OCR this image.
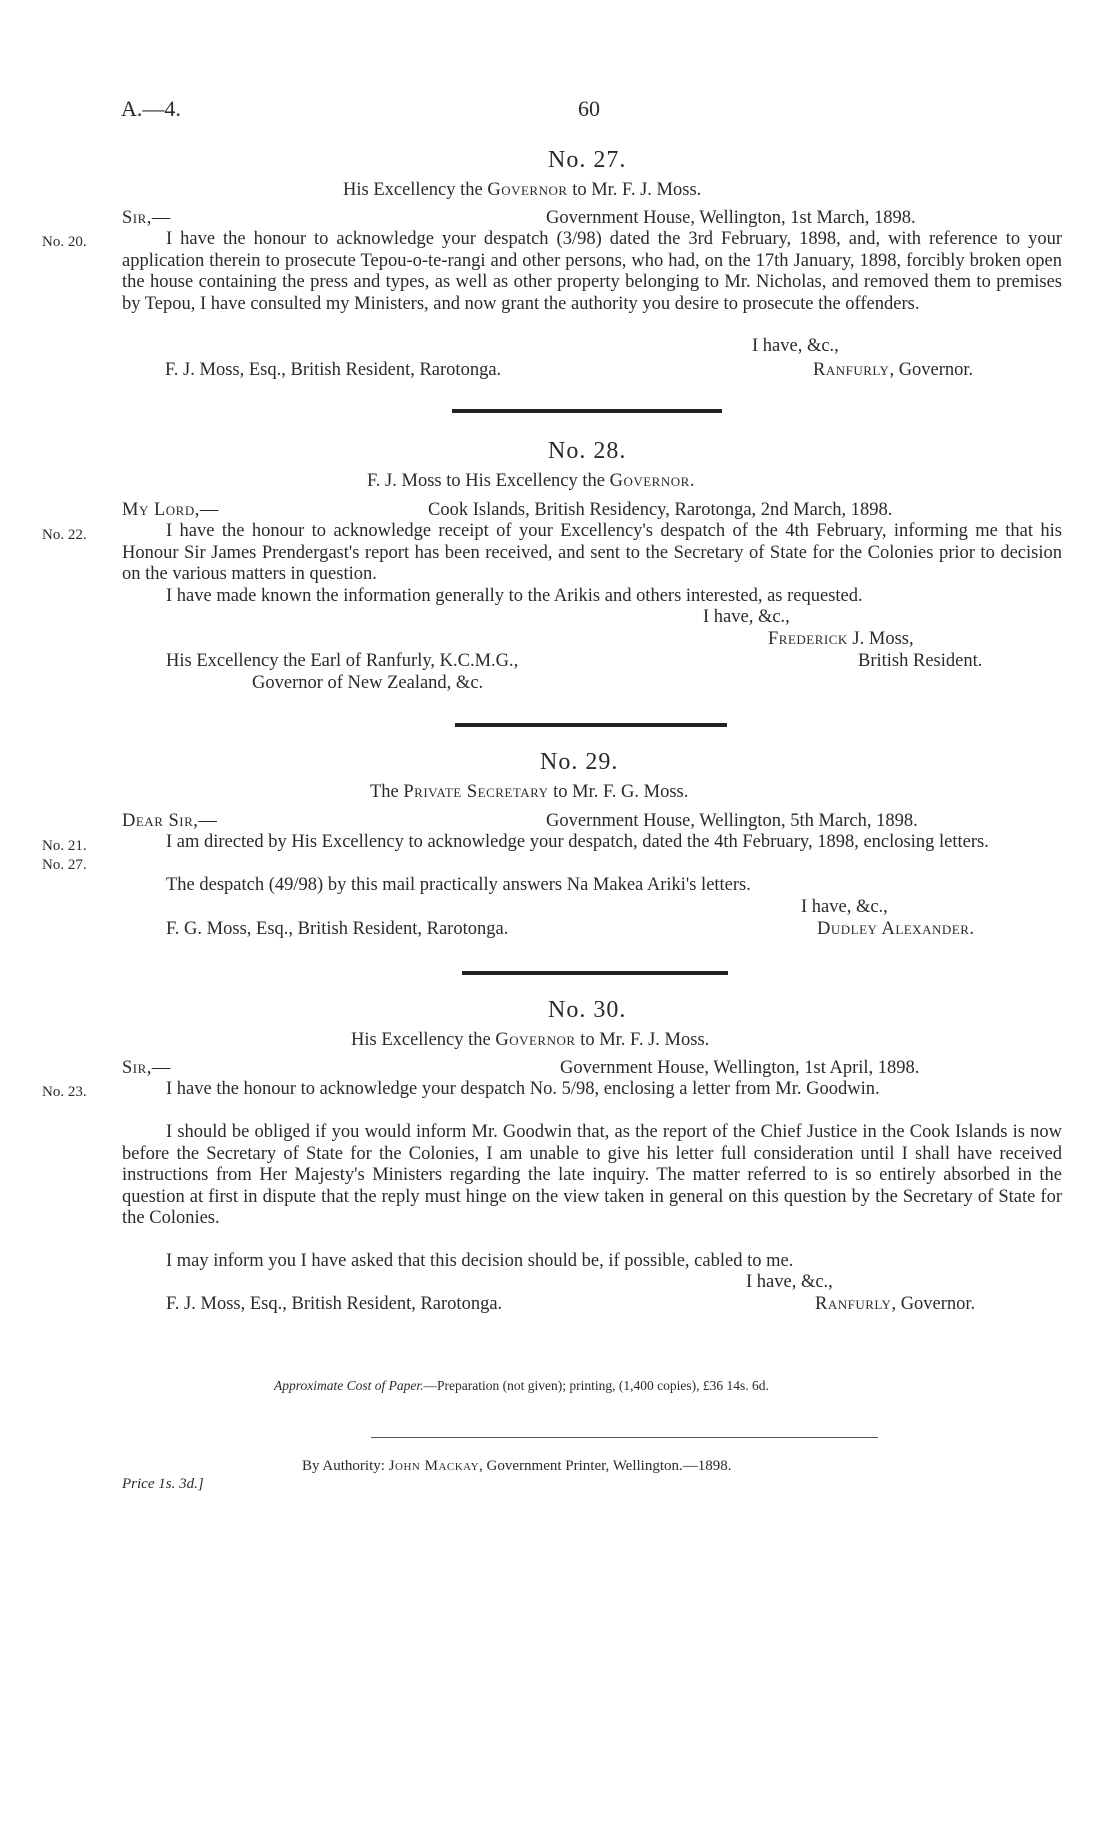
A.—4.	60
No. 27.
His Excellency the Governor to Mr. F. J. Moss.
Sir,—	Government House, Wellington, 1st March, 1898.
No. 20.	I have the honour to acknowledge your despatch (3/98) dated the 3rd February, 1898, and, with reference to your application therein to prosecute Tepou-o-te-rangi and other persons, who had, on the 17th January, 1898, forcibly broken open the house containing the press and types, as well as other property belonging to Mr. Nicholas, and removed them to premises by Tepou, I have consulted my Ministers, and now grant the authority you desire to prosecute the offenders.
I have, &c.,
F. J. Moss, Esq., British Resident, Rarotonga.	Ranfurly, Governor.
No. 28.
F. J. Moss to His Excellency the Governor.
My Lord,—	Cook Islands, British Residency, Rarotonga, 2nd March, 1898.
No. 22.	I have the honour to acknowledge receipt of your Excellency's despatch of the 4th February, informing me that his Honour Sir James Prendergast's report has been received, and sent to the Secretary of State for the Colonies prior to decision on the various matters in question.
I have made known the information generally to the Arikis and others interested, as requested.
I have, &c.,
Frederick J. Moss,
His Excellency the Earl of Ranfurly, K.C.M.G.,	British Resident.
Governor of New Zealand, &c.
No. 29.
The Private Secretary to Mr. F. G. Moss.
Dear Sir,—	Government House, Wellington, 5th March, 1898.
No. 21.
No. 27.
I am directed by His Excellency to acknowledge your despatch, dated the 4th February, 1898, enclosing letters.
The despatch (49/98) by this mail practically answers Na Makea Ariki's letters.
I have, &c.,
F. G. Moss, Esq., British Resident, Rarotonga.	Dudley Alexander.
No. 30.
His Excellency the Governor to Mr. F. J. Moss.
Sir,—	Government House, Wellington, 1st April, 1898.
No. 23.	I have the honour to acknowledge your despatch No. 5/98, enclosing a letter from Mr. Goodwin.
I should be obliged if you would inform Mr. Goodwin that, as the report of the Chief Justice in the Cook Islands is now before the Secretary of State for the Colonies, I am unable to give his letter full consideration until I shall have received instructions from Her Majesty's Ministers regarding the late inquiry. The matter referred to is so entirely absorbed in the question at first in dispute that the reply must hinge on the view taken in general on this question by the Secretary of State for the Colonies.
I may inform you I have asked that this decision should be, if possible, cabled to me.
I have, &c.,
F. J. Moss, Esq., British Resident, Rarotonga.	Ranfurly, Governor.
Approximate Cost of Paper.—Preparation (not given); printing, (1,400 copies), £36 14s. 6d.
By Authority: John Mackay, Government Printer, Wellington.—1898.
Price 1s. 3d.]
